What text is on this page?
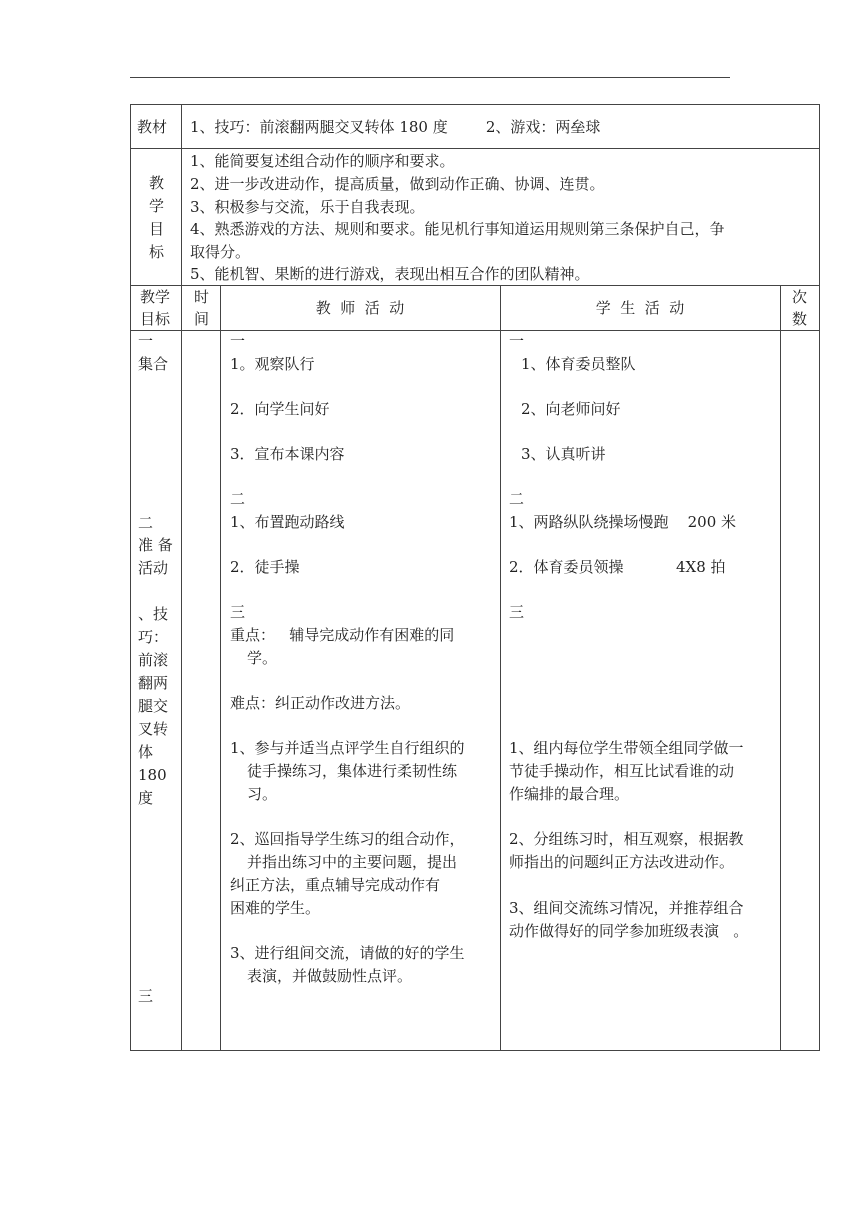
教材 1、技巧：前滚翻两腿交叉转体 180 度        2、游戏：两垒球
教
学
目
标
1、能简要复述组合动作的顺序和要求。
2、进一步改进动作，提高质量，做到动作正确、协调、连贯。
3、积极参与交流，乐于自我表现。
4、熟悉游戏的方法、规则和要求。能见机行事知道运用规则第三条保护自己，争
取得分。
5、能机智、果断的进行游戏，表现出相互合作的团队精神。
教学
目标
时
间
教  师  活  动	学  生  活  动
次
数
一
集合
二
准 备
活动
、技
巧：
前滚
翻两
腿交
叉转
体
180
度
三
一
1。观察队行
2．向学生问好
3．宣布本课内容
二
1、布置跑动路线
2．徒手操
三
重点：   辅导完成动作有困难的同
学。
难点：纠正动作改进方法。
1、参与并适当点评学生自行组织的
徒手操练习，集体进行柔韧性练
习。
2、巡回指导学生练习的组合动作，
并指出练习中的主要问题，提出
纠正方法，重点辅导完成动作有
困难的学生。
3、进行组间交流，请做的好的学生
表演，并做鼓励性点评。
一
1、体育委员整队
2、向老师问好
3、认真听讲
二
1、两路纵队绕操场慢跑    200 米
2．体育委员领操           4X8 拍
三
1、组内每位学生带领全组同学做一
节徒手操动作，相互比试看谁的动
作编排的最合理。
2、分组练习时，相互观察，根据教
师指出的问题纠正方法改进动作。
3、组间交流练习情况，并推荐组合
动作做得好的同学参加班级表演   。
